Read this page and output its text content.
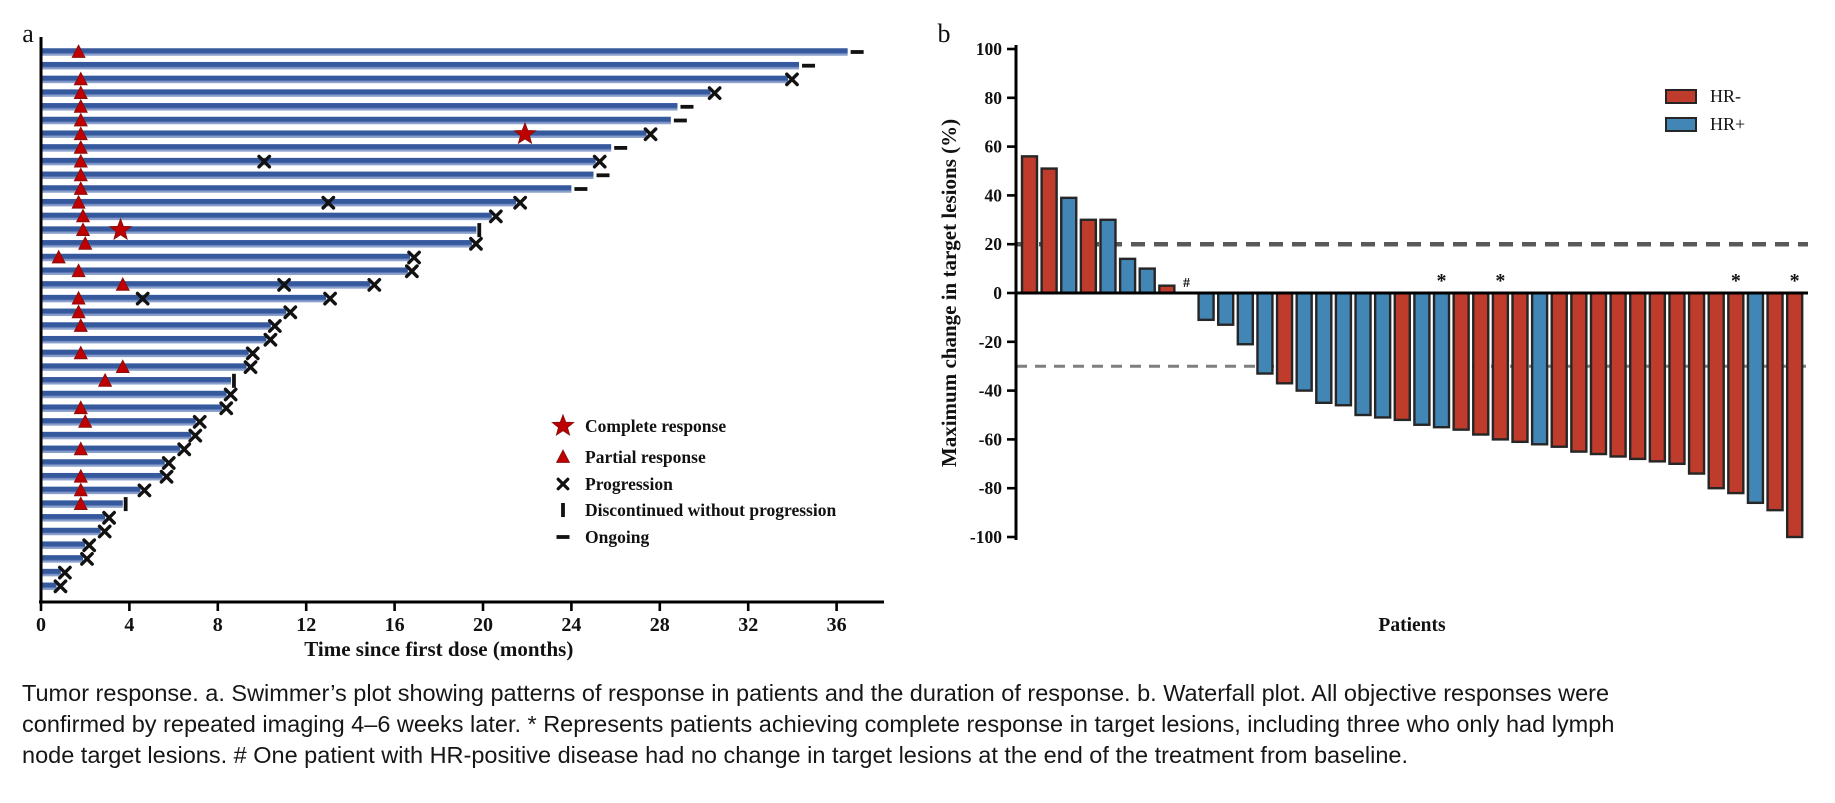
a
0	4	8	12	16	20	24	28	32	36
Time since first dose (months)
Complete response
Partial response
Progression
Discontinued without progression
Ongoing
b
#	* *	* *
100
80
60
40
20
0
-20
-40
-60
-80
-100
Maximum change in target lesions (%)
Patients
HR-
HR+
Tumor response. a. Swimmer’s plot showing patterns of response in patients and the duration of response. b. Waterfall plot. All objective responses were
confirmed by repeated imaging 4–6 weeks later. * Represents patients achieving complete response in target lesions, including three who only had lymph
node target lesions. # One patient with HR-positive disease had no change in target lesions at the end of the treatment from baseline.
